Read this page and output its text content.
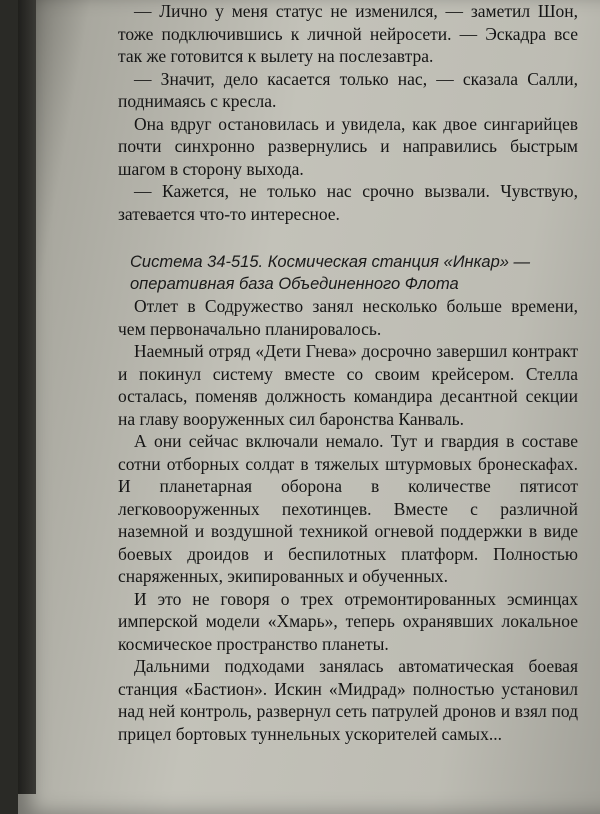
— Лично у меня статус не изменился, — заметил Шон, тоже подключившись к личной нейросети. — Эскадра все так же готовится к вылету на послезавтра.

— Значит, дело касается только нас, — сказала Салли, поднимаясь с кресла.

Она вдруг остановилась и увидела, как двое сингарийцев почти синхронно развернулись и направились быстрым шагом в сторону выхода.

— Кажется, не только нас срочно вызвали. Чувствую, затевается что-то интересное.

Система 34-515. Космическая станция «Инкар» —

оперативная база Объединенного Флота

Отлет в Содружество занял несколько больше времени, чем первоначально планировалось.

Наемный отряд «Дети Гнева» досрочно завершил контракт и покинул систему вместе со своим крейсером. Стелла осталась, поменяв должность командира десантной секции на главу вооруженных сил баронства Канваль.

А они сейчас включали немало. Тут и гвардия в составе сотни отборных солдат в тяжелых штурмовых бронескафах. И планетарная оборона в количестве пятисот легковооруженных пехотинцев. Вместе с различной наземной и воздушной техникой огневой поддержки в виде боевых дроидов и беспилотных платформ. Полностью снаряженных, экипированных и обученных.

И это не говоря о трех отремонтированных эсминцах имперской модели «Хмарь», теперь охранявших локальное космическое пространство планеты.

Дальними подходами занялась автоматическая боевая станция «Бастион». Искин «Мидрад» полностью установил над ней контроль, развернул сеть патрулей дронов и взял под прицел бортовых туннельных ускорителей самых...
